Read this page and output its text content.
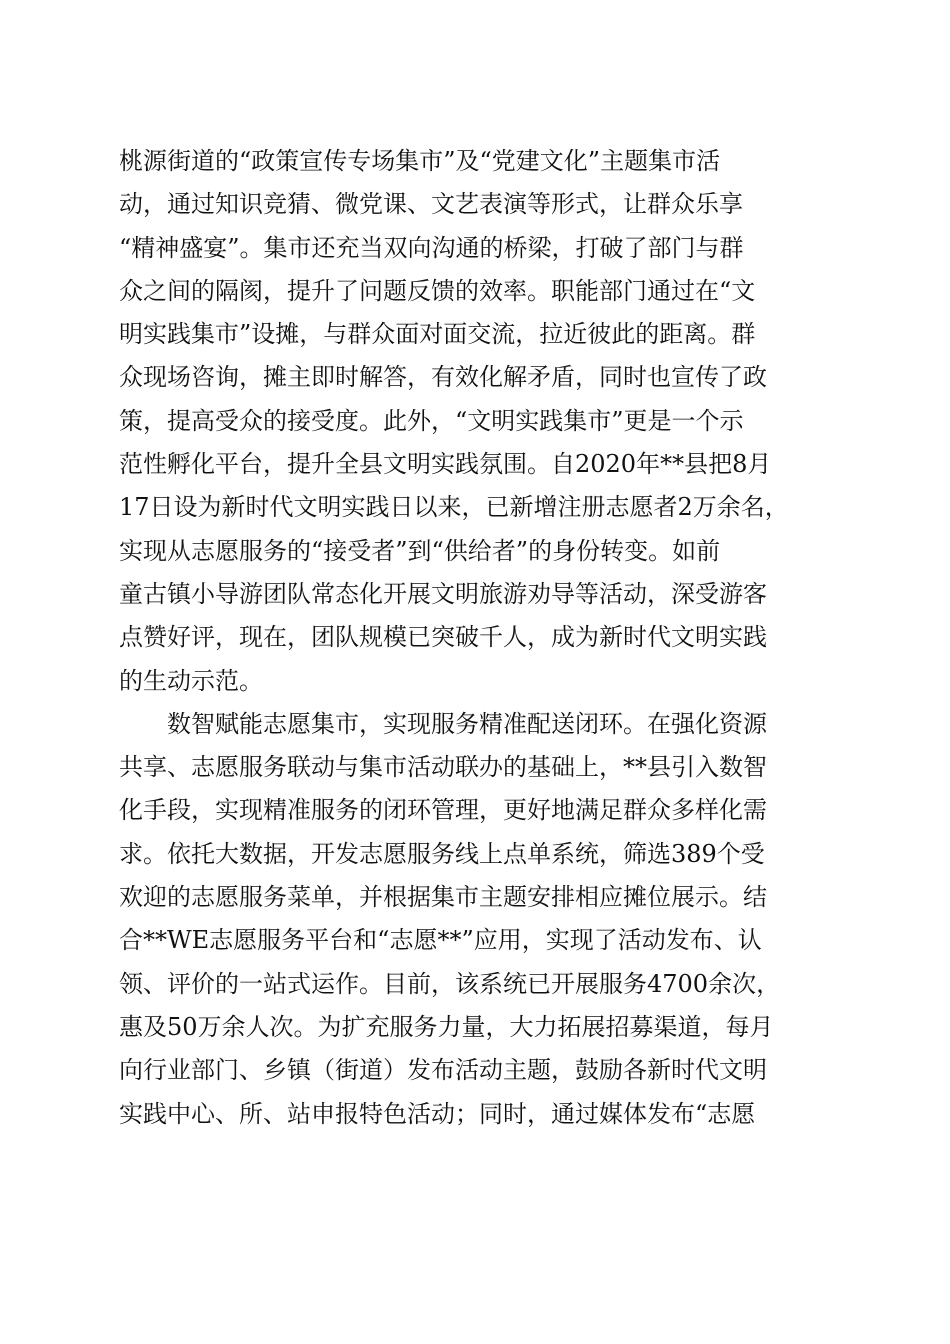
桃源街道的“政策宣传专场集市”及“党建文化”主题集市活
动，通过知识竞猜、微党课、文艺表演等形式，让群众乐享
“精神盛宴”。集市还充当双向沟通的桥梁，打破了部门与群
众之间的隔阂，提升了问题反馈的效率。职能部门通过在“文
明实践集市”设摊，与群众面对面交流，拉近彼此的距离。群
众现场咨询，摊主即时解答，有效化解矛盾，同时也宣传了政
策，提高受众的接受度。此外，“文明实践集市”更是一个示
范性孵化平台，提升全县文明实践氛围。自2020年**县把8月
17日设为新时代文明实践日以来，已新增注册志愿者2万余名，
实现从志愿服务的“接受者”到“供给者”的身份转变。如前
童古镇小导游团队常态化开展文明旅游劝导等活动，深受游客
点赞好评，现在，团队规模已突破千人，成为新时代文明实践
的生动示范。
数智赋能志愿集市，实现服务精准配送闭环。在强化资源
共享、志愿服务联动与集市活动联办的基础上，**县引入数智
化手段，实现精准服务的闭环管理，更好地满足群众多样化需
求。依托大数据，开发志愿服务线上点单系统，筛选389个受
欢迎的志愿服务菜单，并根据集市主题安排相应摊位展示。结
合**WE志愿服务平台和“志愿**”应用，实现了活动发布、认
领、评价的一站式运作。目前，该系统已开展服务4700余次，
惠及50万余人次。为扩充服务力量，大力拓展招募渠道，每月
向行业部门、乡镇（街道）发布活动主题，鼓励各新时代文明
实践中心、所、站申报特色活动；同时，通过媒体发布“志愿
